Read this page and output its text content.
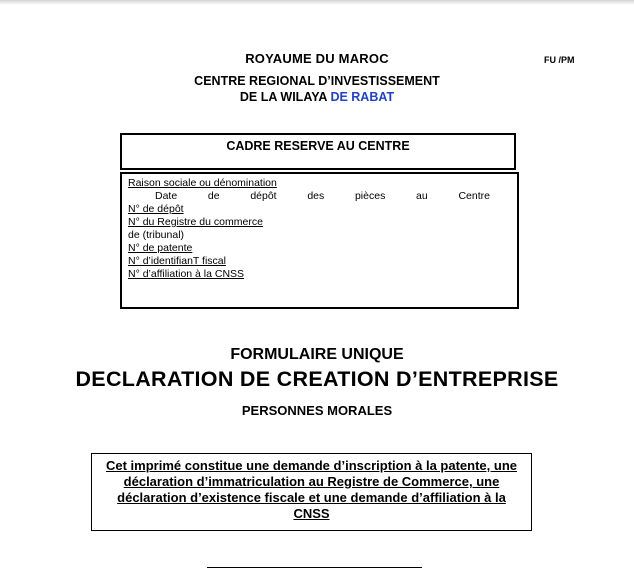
ROYAUME DU MAROC	FU /PM
CENTRE REGIONAL D’INVESTISSEMENT
DE LA WILAYA DE RABAT
CADRE RESERVE AU CENTRE
Raison sociale ou dénomination
Date	de	dépôt	des	pièces	au	Centre
N° de dépôt
N° du Registre du commerce
de (tribunal)
N° de patente
N° d’identifianT fiscal
N° d’affiliation à la CNSS
FORMULAIRE UNIQUE
DECLARATION DE CREATION D’ENTREPRISE
PERSONNES MORALES

Cet imprimé constitue une demande d’inscription à la patente, une déclaration d’immatriculation au Registre de Commerce, une déclaration d’existence fiscale et une demande d’affiliation à la CNSS
